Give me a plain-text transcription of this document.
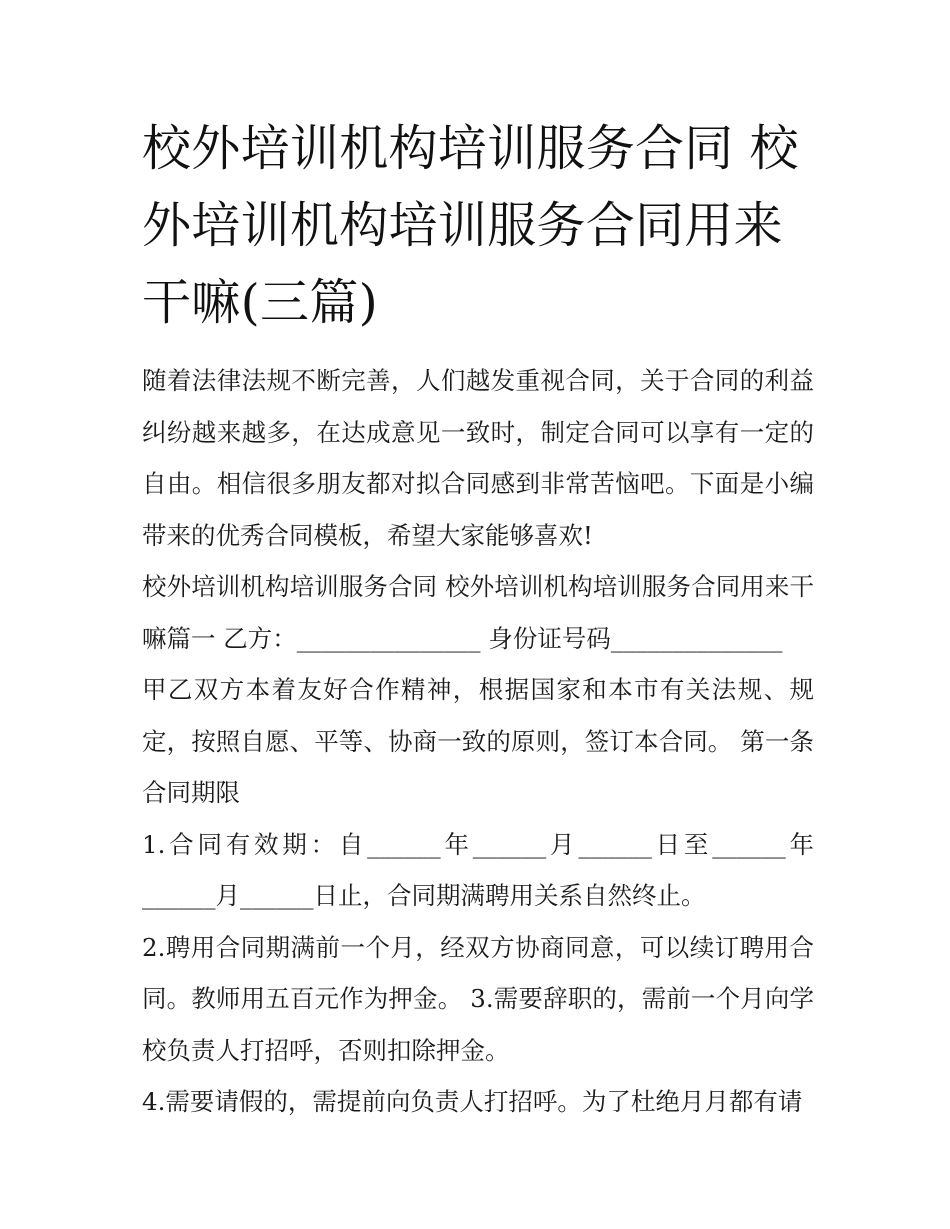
校外培训机构培训服务合同 校外培训机构培训服务合同用来干嘛(三篇)

随着法律法规不断完善，人们越发重视合同，关于合同的利益纠纷越来越多，在达成意见一致时，制定合同可以享有一定的自由。相信很多朋友都对拟合同感到非常苦恼吧。下面是小编带来的优秀合同模板，希望大家能够喜欢!

校外培训机构培训服务合同 校外培训机构培训服务合同用来干嘛篇一 乙方：_______________ 身份证号码______________

甲乙双方本着友好合作精神，根据国家和本市有关法规、规定，按照自愿、平等、协商一致的原则，签订本合同。 第一条 合同期限

1.合同有效期：自______年______月______日至______年______月______日止，合同期满聘用关系自然终止。

2.聘用合同期满前一个月，经双方协商同意，可以续订聘用合同。教师用五百元作为押金。 3.需要辞职的，需前一个月向学校负责人打招呼，否则扣除押金。

4.需要请假的，需提前向负责人打招呼。为了杜绝月月都有请
